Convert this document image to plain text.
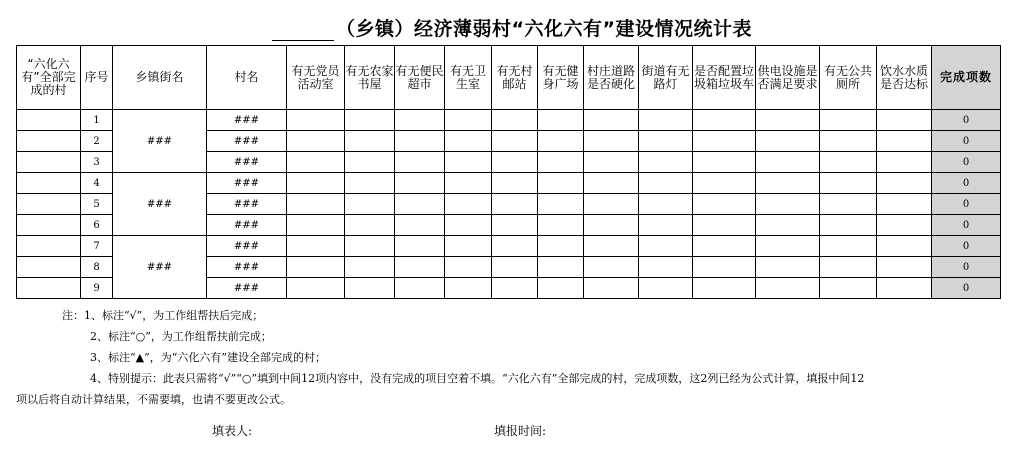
（乡镇）经济薄弱村“六化六有”建设情况统计表
“六化六有”全部完成的村	序号	乡镇街名	村名	有无党员活动室	有无农家书屋	有无便民超市	有无卫生室	有无村邮站	有无健身广场	村庄道路是否硬化	街道有无路灯	是否配置垃圾箱垃圾车	供电设施是否满足要求	有无公共厕所	饮水水质是否达标	完成项数
	1	###	###													0
	2		###													0
	3		###													0
	4	###	###													0
	5		###													0
	6		###													0
	7	###	###													0
	8		###													0
	9		###													0
注：1、标注“√”，为工作组帮扶后完成；
2、标注“○”，为工作组帮扶前完成；
3、标注“▲”，为“六化六有”建设全部完成的村；
4、特别提示：此表只需将“√”“○”填到中间12项内容中，没有完成的项目空着不填。“六化六有”全部完成的村，完成项数，这2列已经为公式计算，填报中间12
项以后将自动计算结果，不需要填，也请不要更改公式。
填表人:	填报时间:
